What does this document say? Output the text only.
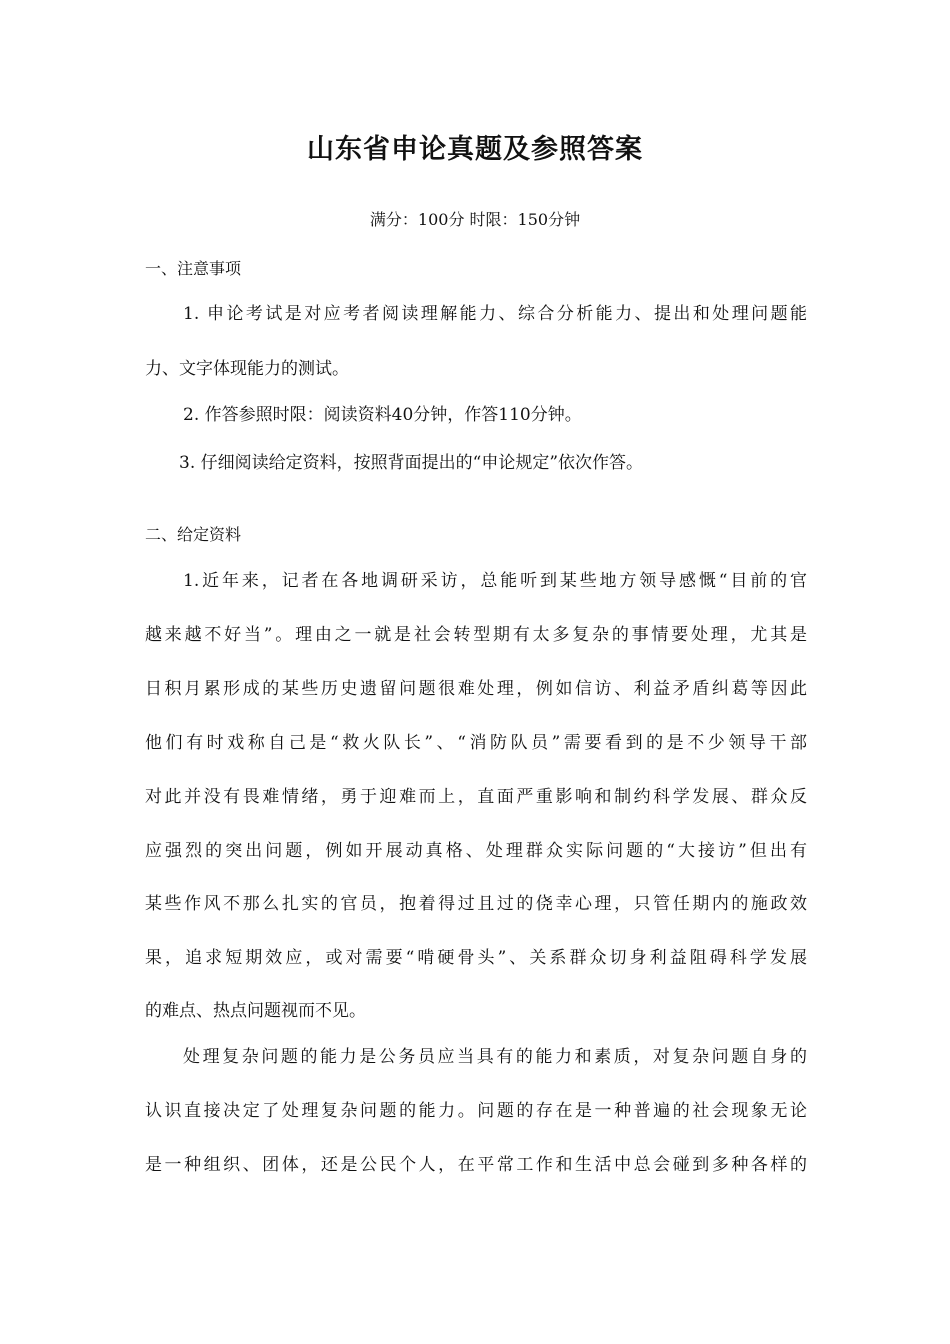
山东省申论真题及参照答案
满分：100分 时限：150分钟
一、注意事项
1. 申论考试是对应考者阅读理解能力、综合分析能力、提出和处理问题能
力、文字体现能力的测试。
2. 作答参照时限：阅读资料40分钟，作答110分钟。
3. 仔细阅读给定资料，按照背面提出的“申论规定”依次作答。
二、给定资料
1.近年来，记者在各地调研采访，总能听到某些地方领导感慨“目前的官
越来越不好当”。理由之一就是社会转型期有太多复杂的事情要处理，尤其是
日积月累形成的某些历史遗留问题很难处理，例如信访、利益矛盾纠葛等因此
他们有时戏称自己是“救火队长”、“消防队员”需要看到的是不少领导干部
对此并没有畏难情绪，勇于迎难而上，直面严重影响和制约科学发展、群众反
应强烈的突出问题，例如开展动真格、处理群众实际问题的“大接访”但出有
某些作风不那么扎实的官员，抱着得过且过的侥幸心理，只管任期内的施政效
果，追求短期效应，或对需要“啃硬骨头”、关系群众切身利益阻碍科学发展
的难点、热点问题视而不见。
处理复杂问题的能力是公务员应当具有的能力和素质，对复杂问题自身的
认识直接决定了处理复杂问题的能力。问题的存在是一种普遍的社会现象无论
是一种组织、团体，还是公民个人，在平常工作和生活中总会碰到多种各样的
